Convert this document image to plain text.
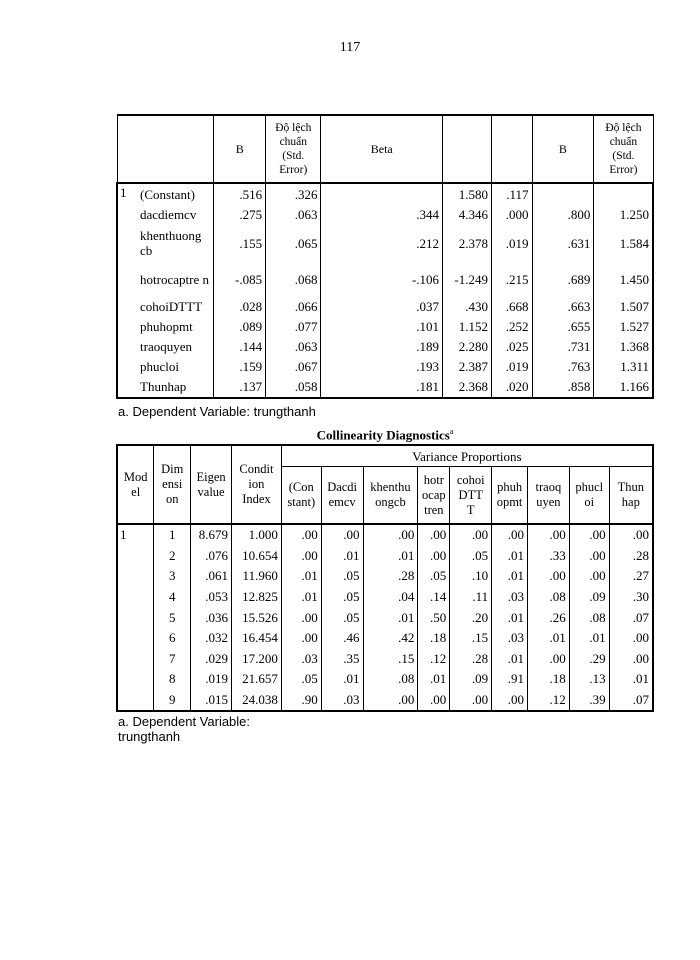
117
		B	Độ lệch
chuẩn
(Std.
Error)	Beta			B	Độ lệch
chuẩn
(Std.
Error)
1	(Constant)	.516	.326		1.580	.117		
	dacdiemcv	.275	.063	.344	4.346	.000	.800	1.250
	khenthuong cb	.155	.065	.212	2.378	.019	.631	1.584
	hotrocaptre n	-.085	.068	-.106	-1.249	.215	.689	1.450
	cohoiDTTT	.028	.066	.037	.430	.668	.663	1.507
	phuhopmt	.089	.077	.101	1.152	.252	.655	1.527
	traoquyen	.144	.063	.189	2.280	.025	.731	1.368
	phucloi	.159	.067	.193	2.387	.019	.763	1.311
	Thunhap	.137	.058	.181	2.368	.020	.858	1.166
a. Dependent Variable: trungthanh
Collinearity Diagnostics$^a$
Mod
el	Dim
ensi
on	Eigen
value	Condit
ion
Index	Variance Proportions								
				(Con
stant)	Dacdi
emcv	khenthu
ongcb	hotr
ocap
tren	cohoi
DTT
T	phuh
opmt	traoq
uyen	phucl
oi	Thun
hap
1	1	8.679	1.000	.00	.00	.00	.00	.00	.00	.00	.00	.00
	2	.076	10.654	.00	.01	.01	.00	.05	.01	.33	.00	.28
	3	.061	11.960	.01	.05	.28	.05	.10	.01	.00	.00	.27
	4	.053	12.825	.01	.05	.04	.14	.11	.03	.08	.09	.30
	5	.036	15.526	.00	.05	.01	.50	.20	.01	.26	.08	.07
	6	.032	16.454	.00	.46	.42	.18	.15	.03	.01	.01	.00
	7	.029	17.200	.03	.35	.15	.12	.28	.01	.00	.29	.00
	8	.019	21.657	.05	.01	.08	.01	.09	.91	.18	.13	.01
	9	.015	24.038	.90	.03	.00	.00	.00	.00	.12	.39	.07
a. Dependent Variable:
trungthanh
